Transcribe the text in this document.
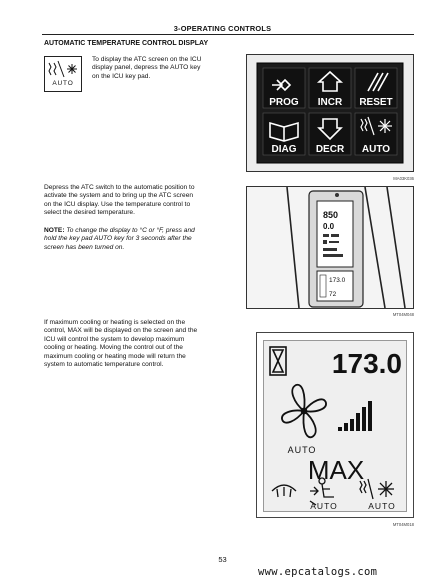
3-OPERATING CONTROLS
AUTOMATIC TEMPERATURE CONTROL DISPLAY
AUTO
To display the ATC screen on the ICU
display panel, depress the AUTO key
on the ICU key pad.
PROG INCR RESET
DIAG DECR AUTO
MA03K036
Depress the ATC switch to the automatic position to
activate the system and to bring up the ATC screen
on the ICU display. Use the temperature control to
select the desired temperature.
NOTE: To change the display to °C or °F, press and
hold the key pad AUTO key for 3 seconds after the
screen has been turned on.
850
0.0
173.0
72
MT04M048
If maximum cooling or heating is selected on the
control, MAX will be displayed on the screen and the
ICU will control the system to develop maximum
cooling or heating. Moving the control out of the
maximum cooling or heating mode will return the
system to automatic temperature control.	173.0
AUTO
MAX
AUTO	AUTO
MT04M018
53
www.epcatalogs.com
